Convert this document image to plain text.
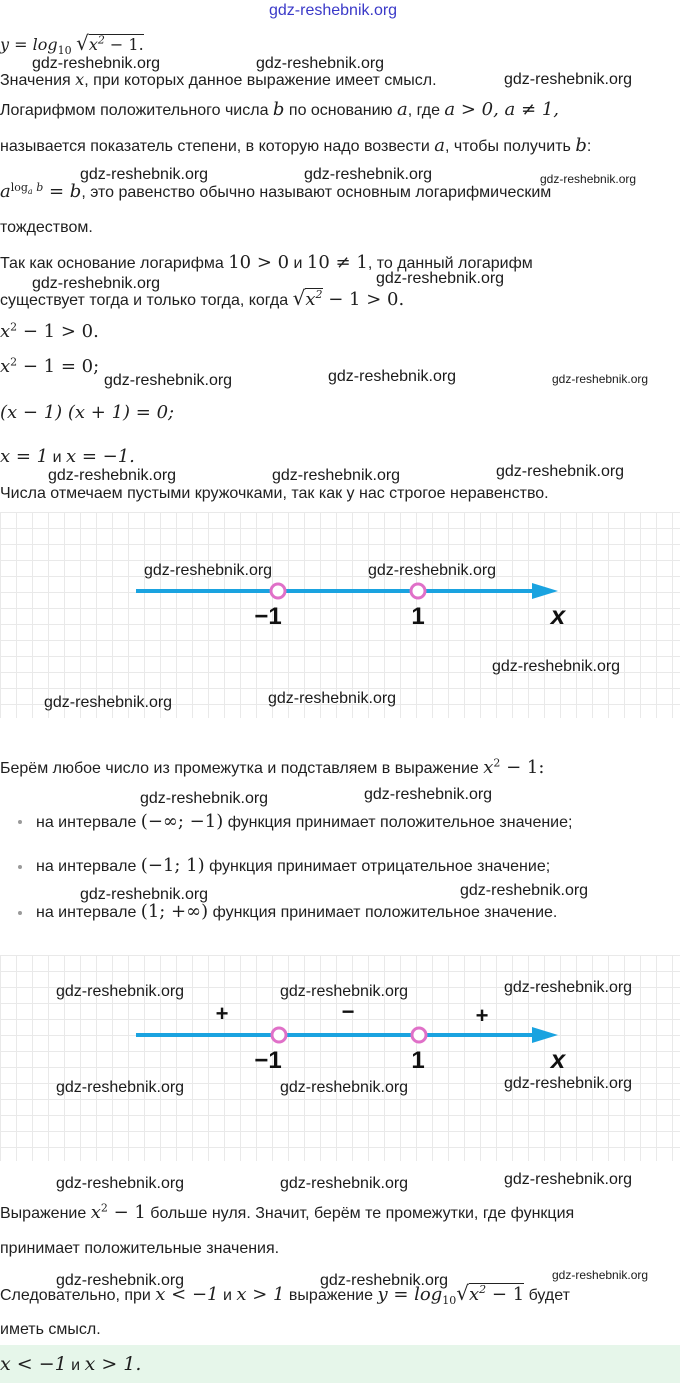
gdz-reshebnik.org
$y = \log_{10} √x^2 - 1$.
gdz-reshebnik.org	gdz-reshebnik.org
Значения x, при которых данное выражение имеет смысл.	gdz-reshebnik.org
Логарифмом положительного числа b по основанию a, где a > 0, a ≠ 1,
называется показатель степени, в которую надо возвести a, чтобы получить b:
gdz-reshebnik.org	gdz-reshebnik.org	gdz-reshebnik.org
$a^{log_a b} = b$, это равенство обычно называют основным логарифмическим
тождеством.
Так как основание логарифма 10 > 0 и 10 ≠ 1, то данный логарифм
gdz-reshebnik.org
gdz-reshebnik.org
существует тогда и только тогда, когда $√x^2 - 1 > 0$.
$x^2 - 1 > 0$.
$x^2 - 1 = 0$;
gdz-reshebnik.org	gdz-reshebnik.org	gdz-reshebnik.org
(x − 1) (x + 1) = 0;
x = 1 и x = −1.
gdz-reshebnik.org	gdz-reshebnik.org	gdz-reshebnik.org
Числа отмечаем пустыми кружочками, так как у нас строгое неравенство.
−1	1	x
gdz-reshebnik.org	gdz-reshebnik.org
gdz-reshebnik.org
gdz-reshebnik.org	gdz-reshebnik.org
Берём любое число из промежутка и подставляем в выражение $x^2 - 1$:
gdz-reshebnik.org	gdz-reshebnik.org
на интервале (−∞; −1) функция принимает положительное значение;
на интервале (−1; 1) функция принимает отрицательное значение;
gdz-reshebnik.org	gdz-reshebnik.org
на интервале (1; +∞) функция принимает положительное значение.
+	−	+
−1	1	x
gdz-reshebnik.org	gdz-reshebnik.org	gdz-reshebnik.org
gdz-reshebnik.org	gdz-reshebnik.org	gdz-reshebnik.org
gdz-reshebnik.org	gdz-reshebnik.org	gdz-reshebnik.org
Выражение $x^2 - 1$ больше нуля. Значит, берём те промежутки, где функция
принимает положительные значения.
gdz-reshebnik.org	gdz-reshebnik.org	gdz-reshebnik.org
Следовательно, при x < −1 и x > 1 выражение $y = \log_{10}√x^2 - 1$ будет
иметь смысл.
x < −1 и x > 1.
